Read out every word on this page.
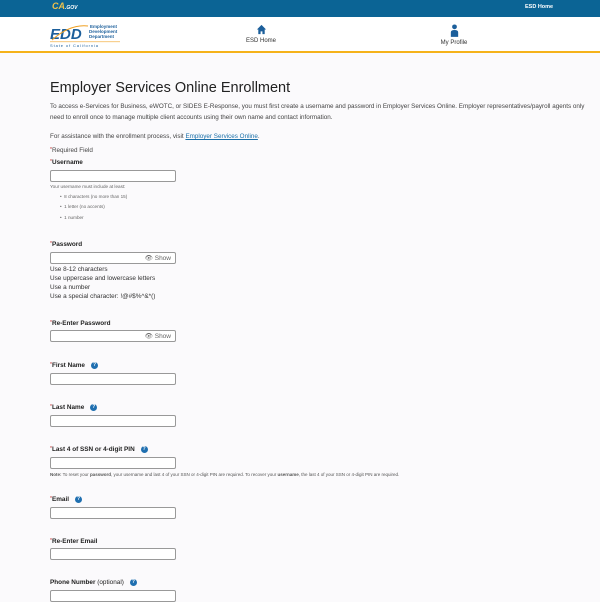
CA.GOV	ESD Home
EDD Employment
Development
Department
State of California
ESD Home	My Profile
Employer Services Online Enrollment
To access e-Services for Business, eWOTC, or SIDES E-Response, you must first create a username and password in Employer Services Online. Employer representatives/payroll agents only need to enroll once to manage multiple client accounts using their own name and contact information.
For assistance with the enrollment process, visit Employer Services Online.
*Required Field
*Username
Your username must include at least:
•  8 characters (no more than 15)
•  1 letter (no accents)
•  1 number
*Password
👁 Show
Use 8-12 characters
Use uppercase and lowercase letters
Use a number
Use a special character: !@#$%^&*()
*Re-Enter Password
👁 Show
*First Name ?
*Last Name ?
*Last 4 of SSN or 4-digit PIN ?
Note: To reset your password, your username and last 4 of your SSN or 4-digit PIN are required. To recover your username, the last 4 of your SSN or 4-digit PIN are required.
*Email ?
*Re-Enter Email
Phone Number (optional) ?
